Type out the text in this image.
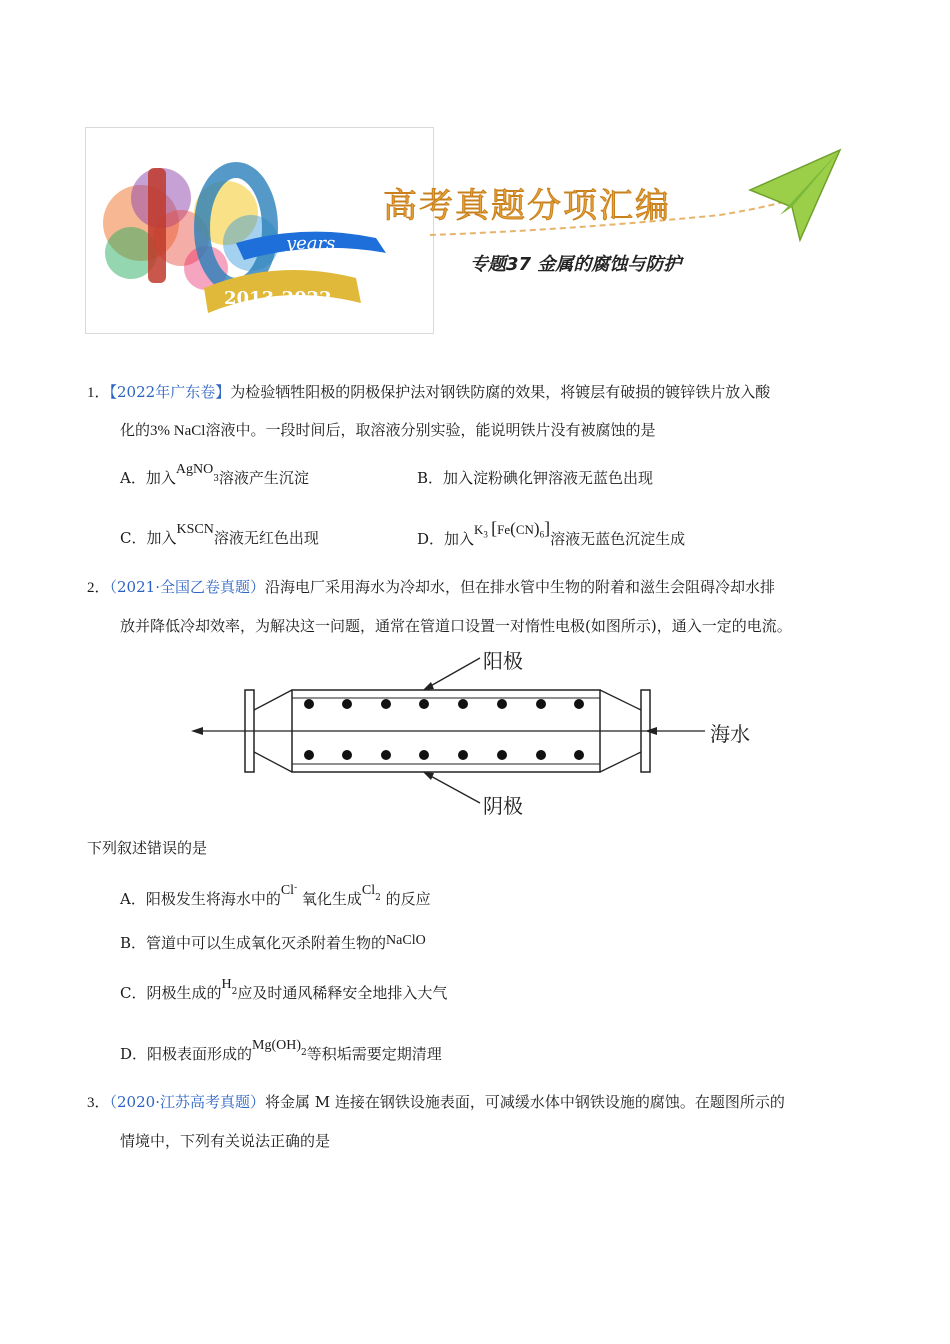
years
2013-2022
高考真题分项汇编
专题37 金属的腐蚀与防护
1．【2022年广东卷】为检验牺牲阳极的阴极保护法对钢铁防腐的效果，将镀层有破损的镀锌铁片放入酸
化的3% NaCl溶液中。一段时间后，取溶液分别实验，能说明铁片没有被腐蚀的是
A．加入AgNO$_3$溶液产生沉淀	B．加入淀粉碘化钾溶液无蓝色出现
C．加入KSCN溶液无红色出现	D．加入$K_3$ $[Fe(CN)_6]$溶液无蓝色沉淀生成
2．（2021·全国乙卷真题）沿海电厂采用海水为冷却水，但在排水管中生物的附着和滋生会阻碍冷却水排
放并降低冷却效率，为解决这一问题，通常在管道口设置一对惰性电极(如图所示)，通入一定的电流。
阳极
阴极
海水
下列叙述错误的是
A．阳极发生将海水中的Cl- 氧化生成$Cl_2$ 的反应
B．管道中可以生成氧化灭杀附着生物的NaClO
C．阴极生成的$H_2$应及时通风稀释安全地排入大气
D．阳极表面形成的$Mg(OH)_2$等积垢需要定期清理
3．（2020·江苏高考真题）将金属 M 连接在钢铁设施表面，可减缓水体中钢铁设施的腐蚀。在题图所示的
情境中，下列有关说法正确的是
